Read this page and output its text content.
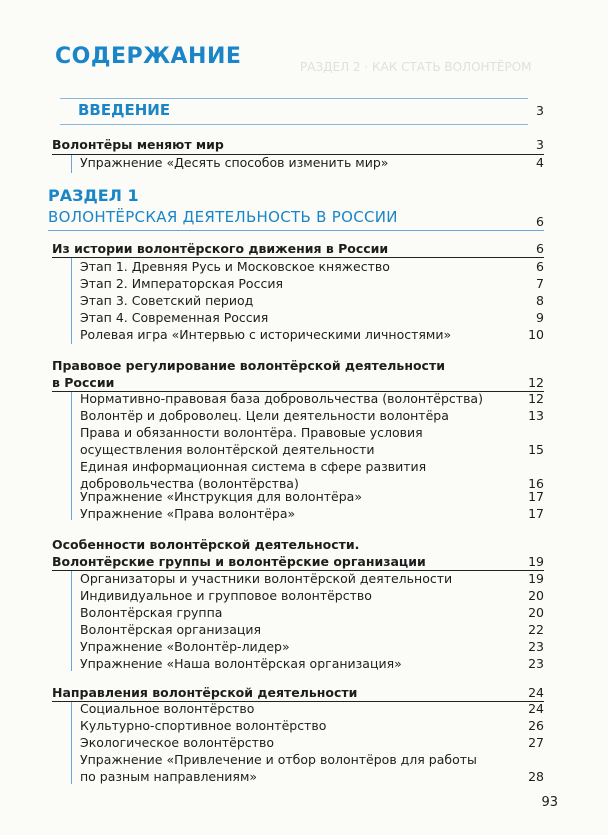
РАЗДЕЛ 2 · КАК СТАТЬ ВОЛОНТЁРОМ
СОДЕРЖАНИЕ
ВВЕДЕНИЕ	3
Волонтёры меняют мир	3
Упражнение «Десять способов изменить мир»	4
РАЗДЕЛ 1
ВОЛОНТЁРСКАЯ ДЕЯТЕЛЬНОСТЬ В РОССИИ	6
Из истории волонтёрского движения в России	6
Этап 1. Древняя Русь и Московское княжество	6
Этап 2. Императорская Россия	7
Этап 3. Советский период	8
Этап 4. Современная Россия	9
Ролевая игра «Интервью с историческими личностями»	10
Правовое регулирование волонтёрской деятельности
в России	12
Нормативно-правовая база добровольчества (волонтёрства)	12
Волонтёр и доброволец. Цели деятельности волонтёра	13
Права и обязанности волонтёра. Правовые условия
осуществления волонтёрской деятельности	15
Единая информационная система в сфере развития
добровольчества (волонтёрства)	16
Упражнение «Инструкция для волонтёра»	17
Упражнение «Права волонтёра»	17
Особенности волонтёрской деятельности.
Волонтёрские группы и волонтёрские организации	19
Организаторы и участники волонтёрской деятельности	19
Индивидуальное и групповое волонтёрство	20
Волонтёрская группа	20
Волонтёрская организация	22
Упражнение «Волонтёр-лидер»	23
Упражнение «Наша волонтёрская организация»	23
Направления волонтёрской деятельности	24
Социальное волонтёрство	24
Культурно-спортивное волонтёрство	26
Экологическое волонтёрство	27
Упражнение «Привлечение и отбор волонтёров для работы
по разным направлениям»	28
93
